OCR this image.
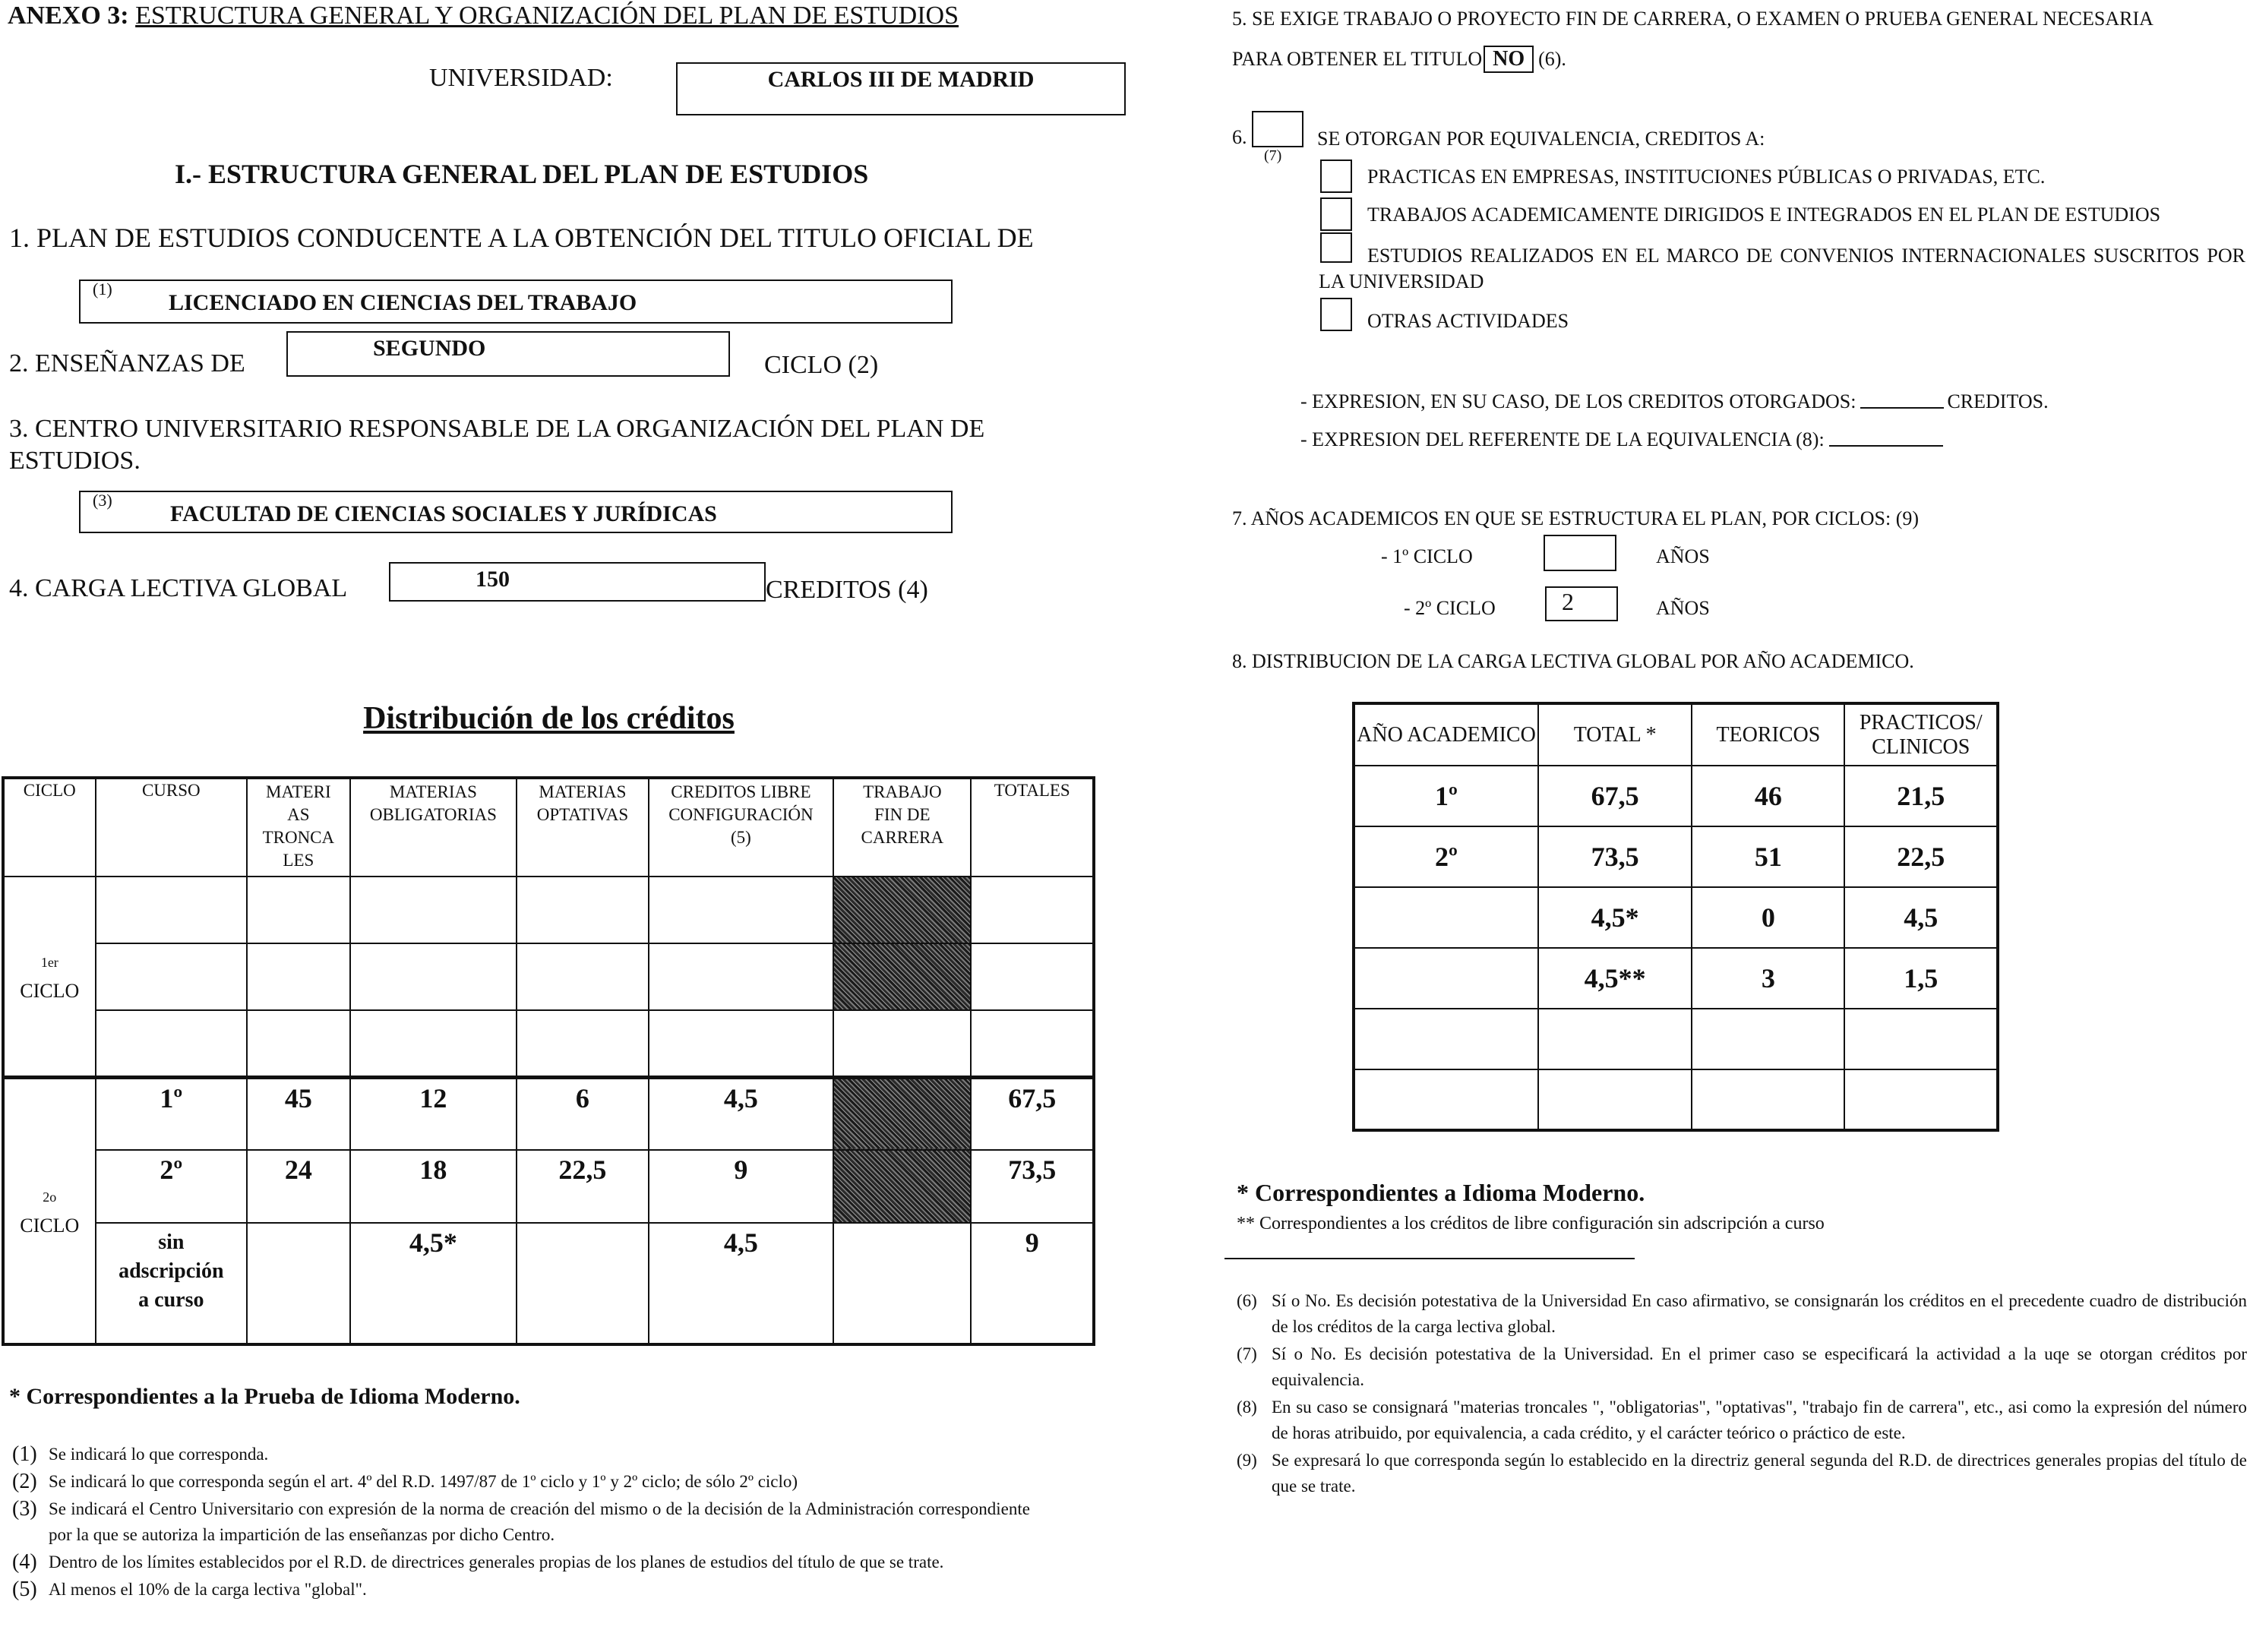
ANEXO 3: ESTRUCTURA GENERAL Y ORGANIZACIÓN DEL PLAN DE ESTUDIOS
UNIVERSIDAD:	CARLOS III DE MADRID
I.- ESTRUCTURA GENERAL DEL PLAN DE ESTUDIOS
1. PLAN DE ESTUDIOS CONDUCENTE A LA OBTENCIÓN DEL TITULO OFICIAL DE
(1)
LICENCIADO EN CIENCIAS DEL TRABAJO
2. ENSEÑANZAS DE
SEGUNDO
CICLO (2)
3. CENTRO UNIVERSITARIO RESPONSABLE DE LA ORGANIZACIÓN DEL PLAN DE ESTUDIOS.
(3)
FACULTAD DE CIENCIAS SOCIALES Y JURÍDICAS
4. CARGA LECTIVA GLOBAL	150	CREDITOS (4)
Distribución de los créditos
CICLO	CURSO	MATERI
AS
TRONCA
LES	MATERIAS
OBLIGATORIAS	MATERIAS
OPTATIVAS	CREDITOS LIBRE
CONFIGURACIÓN
(5)	TRABAJO
FIN DE
CARRERA	TOTALES
1er
CICLO							

2o
CICLO	1º	45	12	6	4,5		67,5
	2º	24	18	22,5	9		73,5
	sin
adscripción
a curso		4,5*		4,5		9
* Correspondientes a la Prueba de Idioma Moderno.
(1) Se indicará lo que corresponda.
(2) Se indicará lo que corresponda según el art. 4º del R.D. 1497/87 de 1º ciclo y 1º y 2º ciclo; de sólo 2º ciclo)
(3) Se indicará el Centro Universitario con expresión de la norma de creación del mismo o de la decisión de la Administración correspondiente por la que se autoriza la impartición de las enseñanzas por dicho Centro.
(4) Dentro de los límites establecidos por el R.D. de directrices generales propias de los planes de estudios del título de que se trate.
(5) Al menos el 10% de la carga lectiva "global".
5. SE EXIGE TRABAJO O PROYECTO FIN DE CARRERA, O EXAMEN O PRUEBA GENERAL NECESARIA
PARA OBTENER EL TITULO NO (6).
6.
(7)
SE OTORGAN POR EQUIVALENCIA, CREDITOS A:
PRACTICAS EN EMPRESAS, INSTITUCIONES PÚBLICAS O PRIVADAS, ETC.
TRABAJOS ACADEMICAMENTE DIRIGIDOS E INTEGRADOS EN EL PLAN DE ESTUDIOS
ESTUDIOS REALIZADOS EN EL MARCO DE CONVENIOS INTERNACIONALES SUSCRITOS POR LA UNIVERSIDAD
OTRAS ACTIVIDADES
- EXPRESION, EN SU CASO, DE LOS CREDITOS OTORGADOS:	CREDITOS.
- EXPRESION DEL REFERENTE DE LA EQUIVALENCIA (8):
7. AÑOS ACADEMICOS EN QUE SE ESTRUCTURA EL PLAN, POR CICLOS: (9)
- 1º CICLO	AÑOS
- 2º CICLO	2	AÑOS
8. DISTRIBUCION DE LA CARGA LECTIVA GLOBAL POR AÑO ACADEMICO.
AÑO ACADEMICO	TOTAL *	TEORICOS	PRACTICOS/ CLINICOS
1º	67,5	46	21,5
2º	73,5	51	22,5
	4,5*	0	4,5
	4,5**	3	1,5

* Correspondientes a Idioma Moderno.
** Correspondientes a los créditos de libre configuración sin adscripción a curso
(6) Sí o No. Es decisión potestativa de la Universidad En caso afirmativo, se consignarán los créditos en el precedente cuadro de distribución de los créditos de la carga lectiva global.
(7) Sí o No. Es decisión potestativa de la Universidad. En el primer caso se especificará la actividad a la uqe se otorgan créditos por equivalencia.
(8) En su caso se consignará "materias troncales ", "obligatorias", "optativas", "trabajo fin de carrera", etc., asi como la expresión del número de horas atribuido, por equivalencia, a cada crédito, y el carácter teórico o práctico de este.
(9) Se expresará lo que corresponda según lo establecido en la directriz general segunda del R.D. de directrices generales propias del título de que se trate.
